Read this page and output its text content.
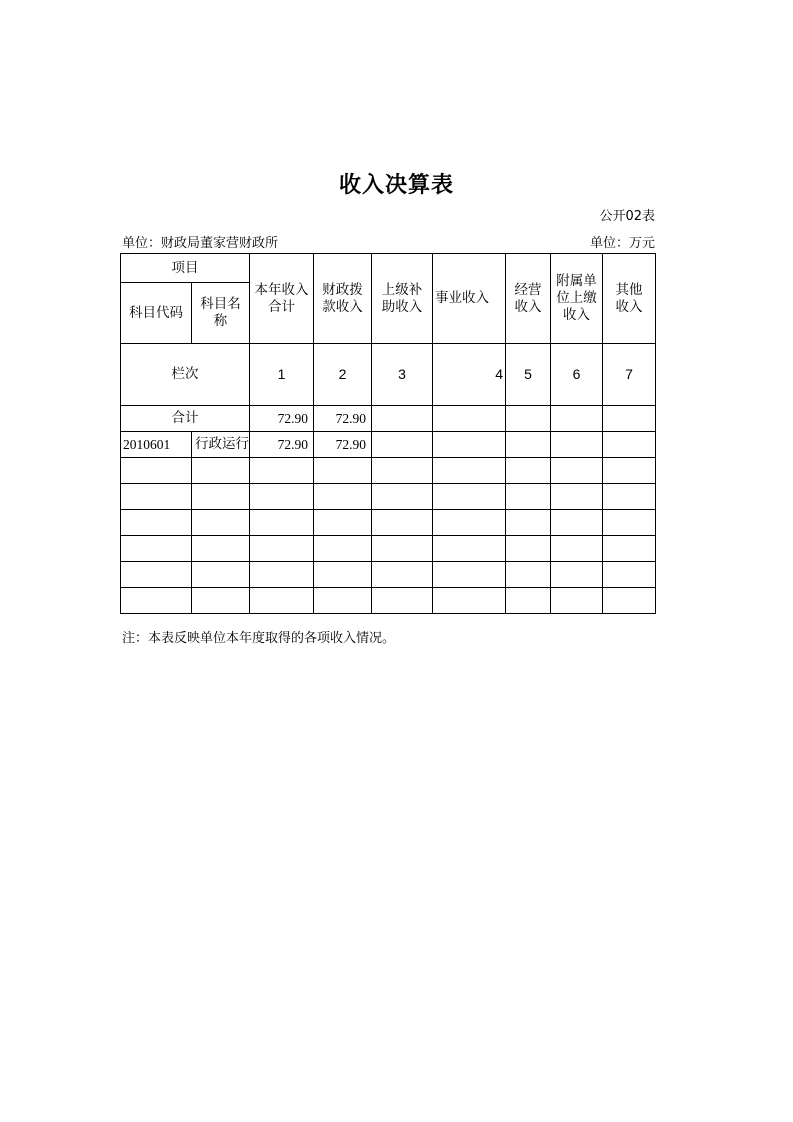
收入决算表
公开02表
单位：财政局董家营财政所	单位：万元
项目		本年收入合计	财政拨款收入	上级补助收入	事业收入	经营收入	附属单位上缴收入	其他收入
科目代码	科目名称							
栏次		1	2	3	4	5	6	7
合计		72.90	72.90					
2010601	行政运行	72.90	72.90					

注：本表反映单位本年度取得的各项收入情况。
